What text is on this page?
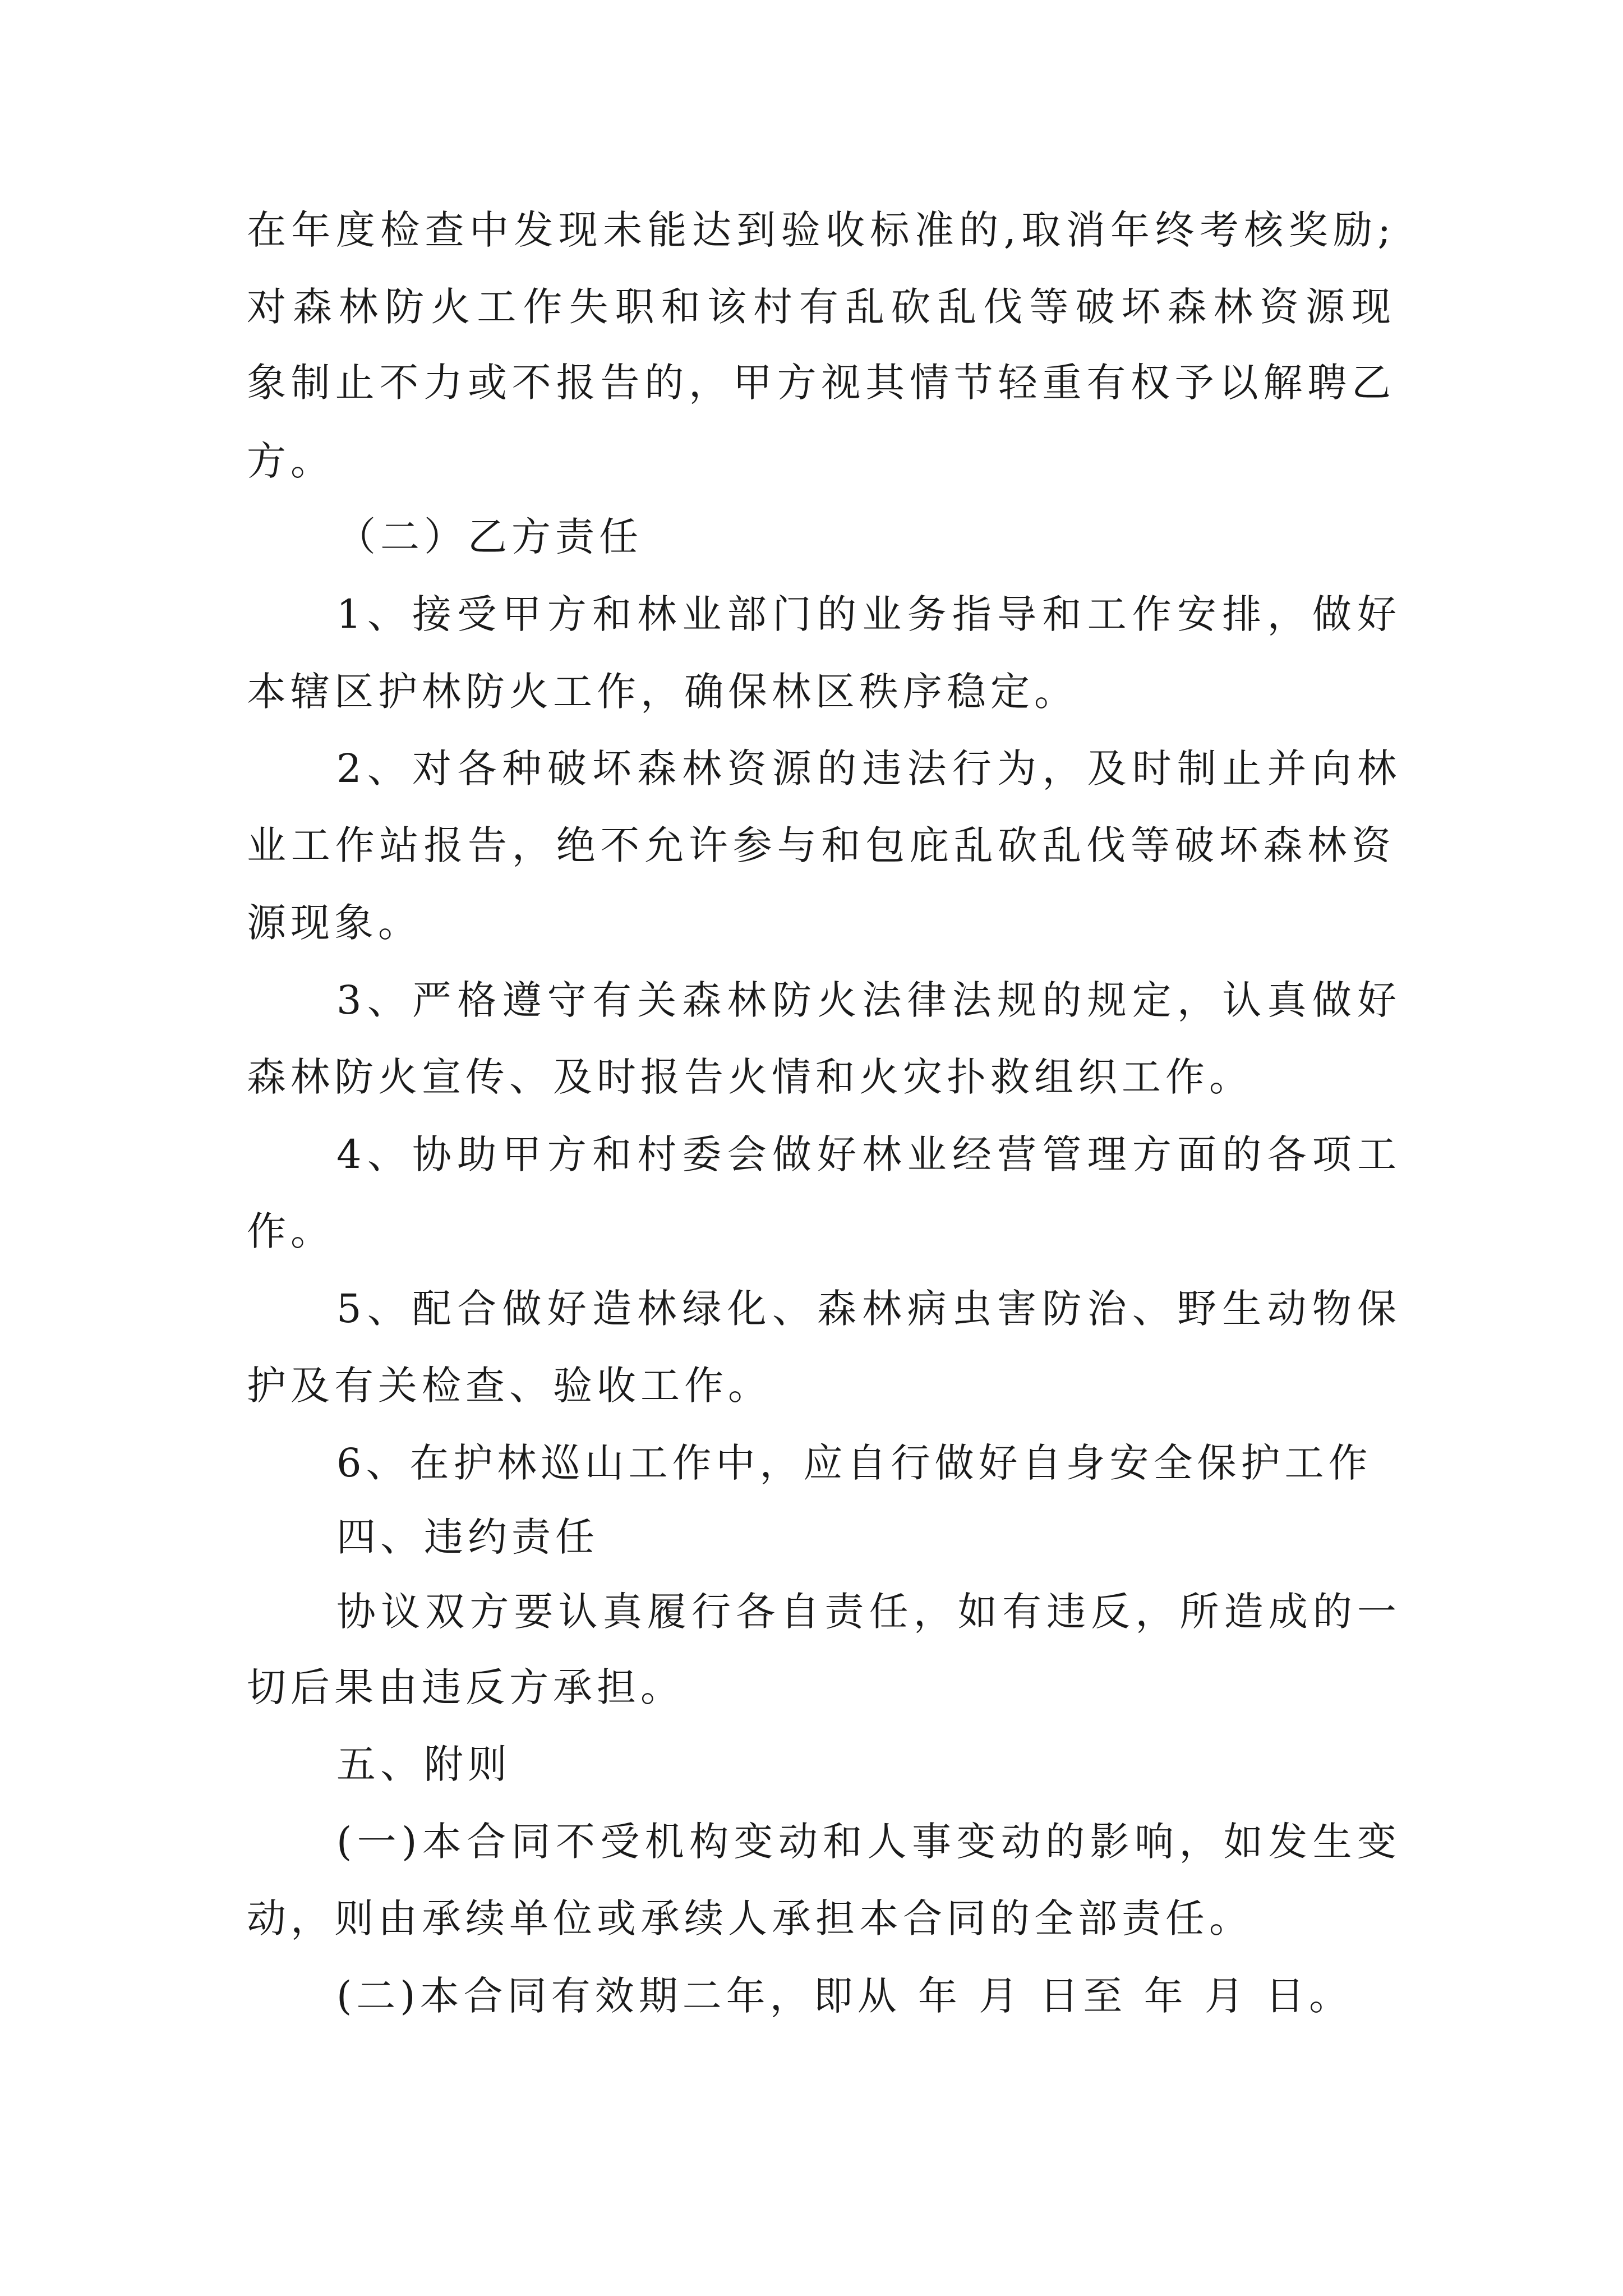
在年度检查中发现未能达到验收标准的,取消年终考核奖励;
对森林防火工作失职和该村有乱砍乱伐等破坏森林资源现
象制止不力或不报告的，甲方视其情节轻重有权予以解聘乙
方。
（二）乙方责任
1、接受甲方和林业部门的业务指导和工作安排，做好
本辖区护林防火工作，确保林区秩序稳定。
2、对各种破坏森林资源的违法行为，及时制止并向林
业工作站报告，绝不允许参与和包庇乱砍乱伐等破坏森林资
源现象。
3、严格遵守有关森林防火法律法规的规定，认真做好
森林防火宣传、及时报告火情和火灾扑救组织工作。
4、协助甲方和村委会做好林业经营管理方面的各项工
作。
5、配合做好造林绿化、森林病虫害防治、野生动物保
护及有关检查、验收工作。
6、在护林巡山工作中，应自行做好自身安全保护工作
四、违约责任
协议双方要认真履行各自责任，如有违反，所造成的一
切后果由违反方承担。
五、附则
(一)本合同不受机构变动和人事变动的影响，如发生变
动，则由承续单位或承续人承担本合同的全部责任。
(二)本合同有效期二年，即从 年 月 日至 年 月 日。
